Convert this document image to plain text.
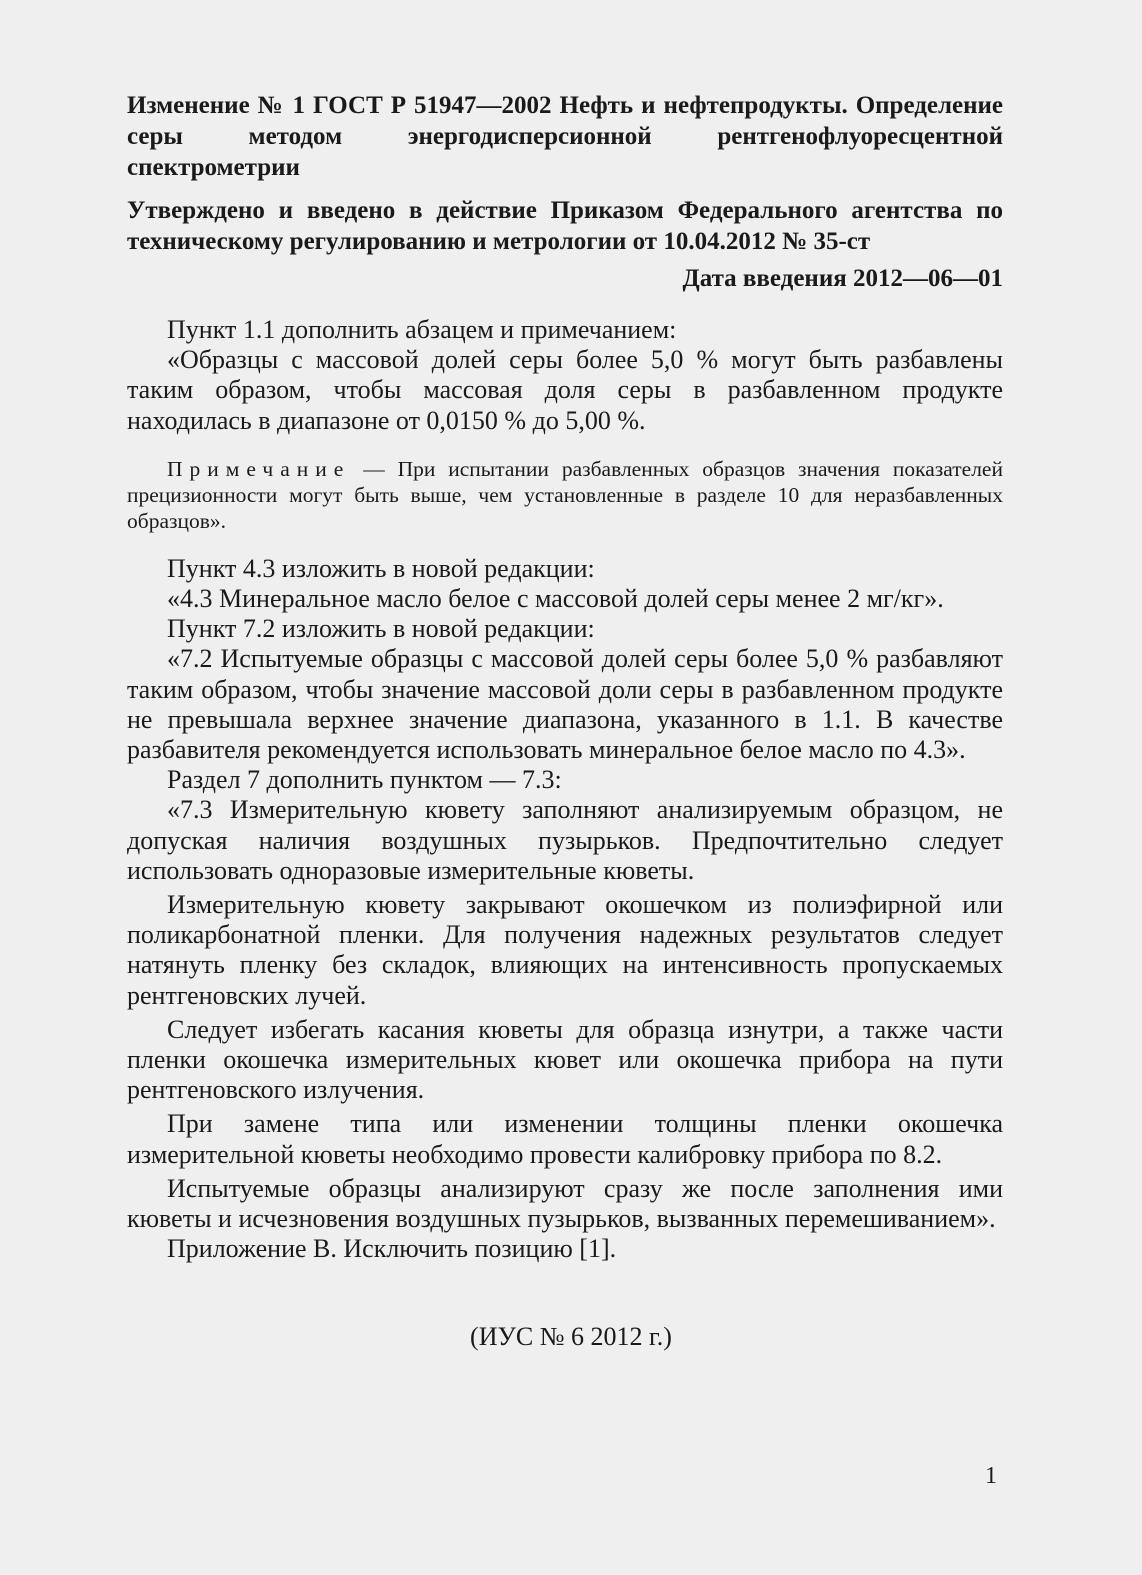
Изменение № 1 ГОСТ Р 51947—2002 Нефть и нефтепродукты. Определение серы методом энергодисперсионной рентгенофлуоресцентной спектрометрии

Утверждено и введено в действие Приказом Федерального агентства по техническому регулированию и метрологии от 10.04.2012 № 35-ст

Дата введения 2012—06—01

Пункт 1.1 дополнить абзацем и примечанием:

«Образцы с массовой долей серы более 5,0 % могут быть разбавлены таким образом, чтобы массовая доля серы в разбавленном продукте находилась в диапазоне от 0,0150 % до 5,00 %.

Примечание — При испытании разбавленных образцов значения показателей прецизионности могут быть выше, чем установленные в разделе 10 для неразбавленных образцов».

Пункт 4.3 изложить в новой редакции:

«4.3 Минеральное масло белое с массовой долей серы менее 2 мг/кг».

Пункт 7.2 изложить в новой редакции:

«7.2 Испытуемые образцы с массовой долей серы более 5,0 % разбавляют таким образом, чтобы значение массовой доли серы в разбавленном продукте не превышала верхнее значение диапазона, указанного в 1.1. В качестве разбавителя рекомендуется использовать минеральное белое масло по 4.3».

Раздел 7 дополнить пунктом — 7.3:

«7.3 Измерительную кювету заполняют анализируемым образцом, не допуская наличия воздушных пузырьков. Предпочтительно следует использовать одноразовые измерительные кюветы.

Измерительную кювету закрывают окошечком из полиэфирной или поликарбонатной пленки. Для получения надежных результатов следует натянуть пленку без складок, влияющих на интенсивность пропускаемых рентгеновских лучей.

Следует избегать касания кюветы для образца изнутри, а также части пленки окошечка измерительных кювет или окошечка прибора на пути рентгеновского излучения.

При замене типа или изменении толщины пленки окошечка измерительной кюветы необходимо провести калибровку прибора по 8.2.

Испытуемые образцы анализируют сразу же после заполнения ими кюветы и исчезновения воздушных пузырьков, вызванных перемешиванием».

Приложение В. Исключить позицию [1].

(ИУС № 6 2012 г.)
1
